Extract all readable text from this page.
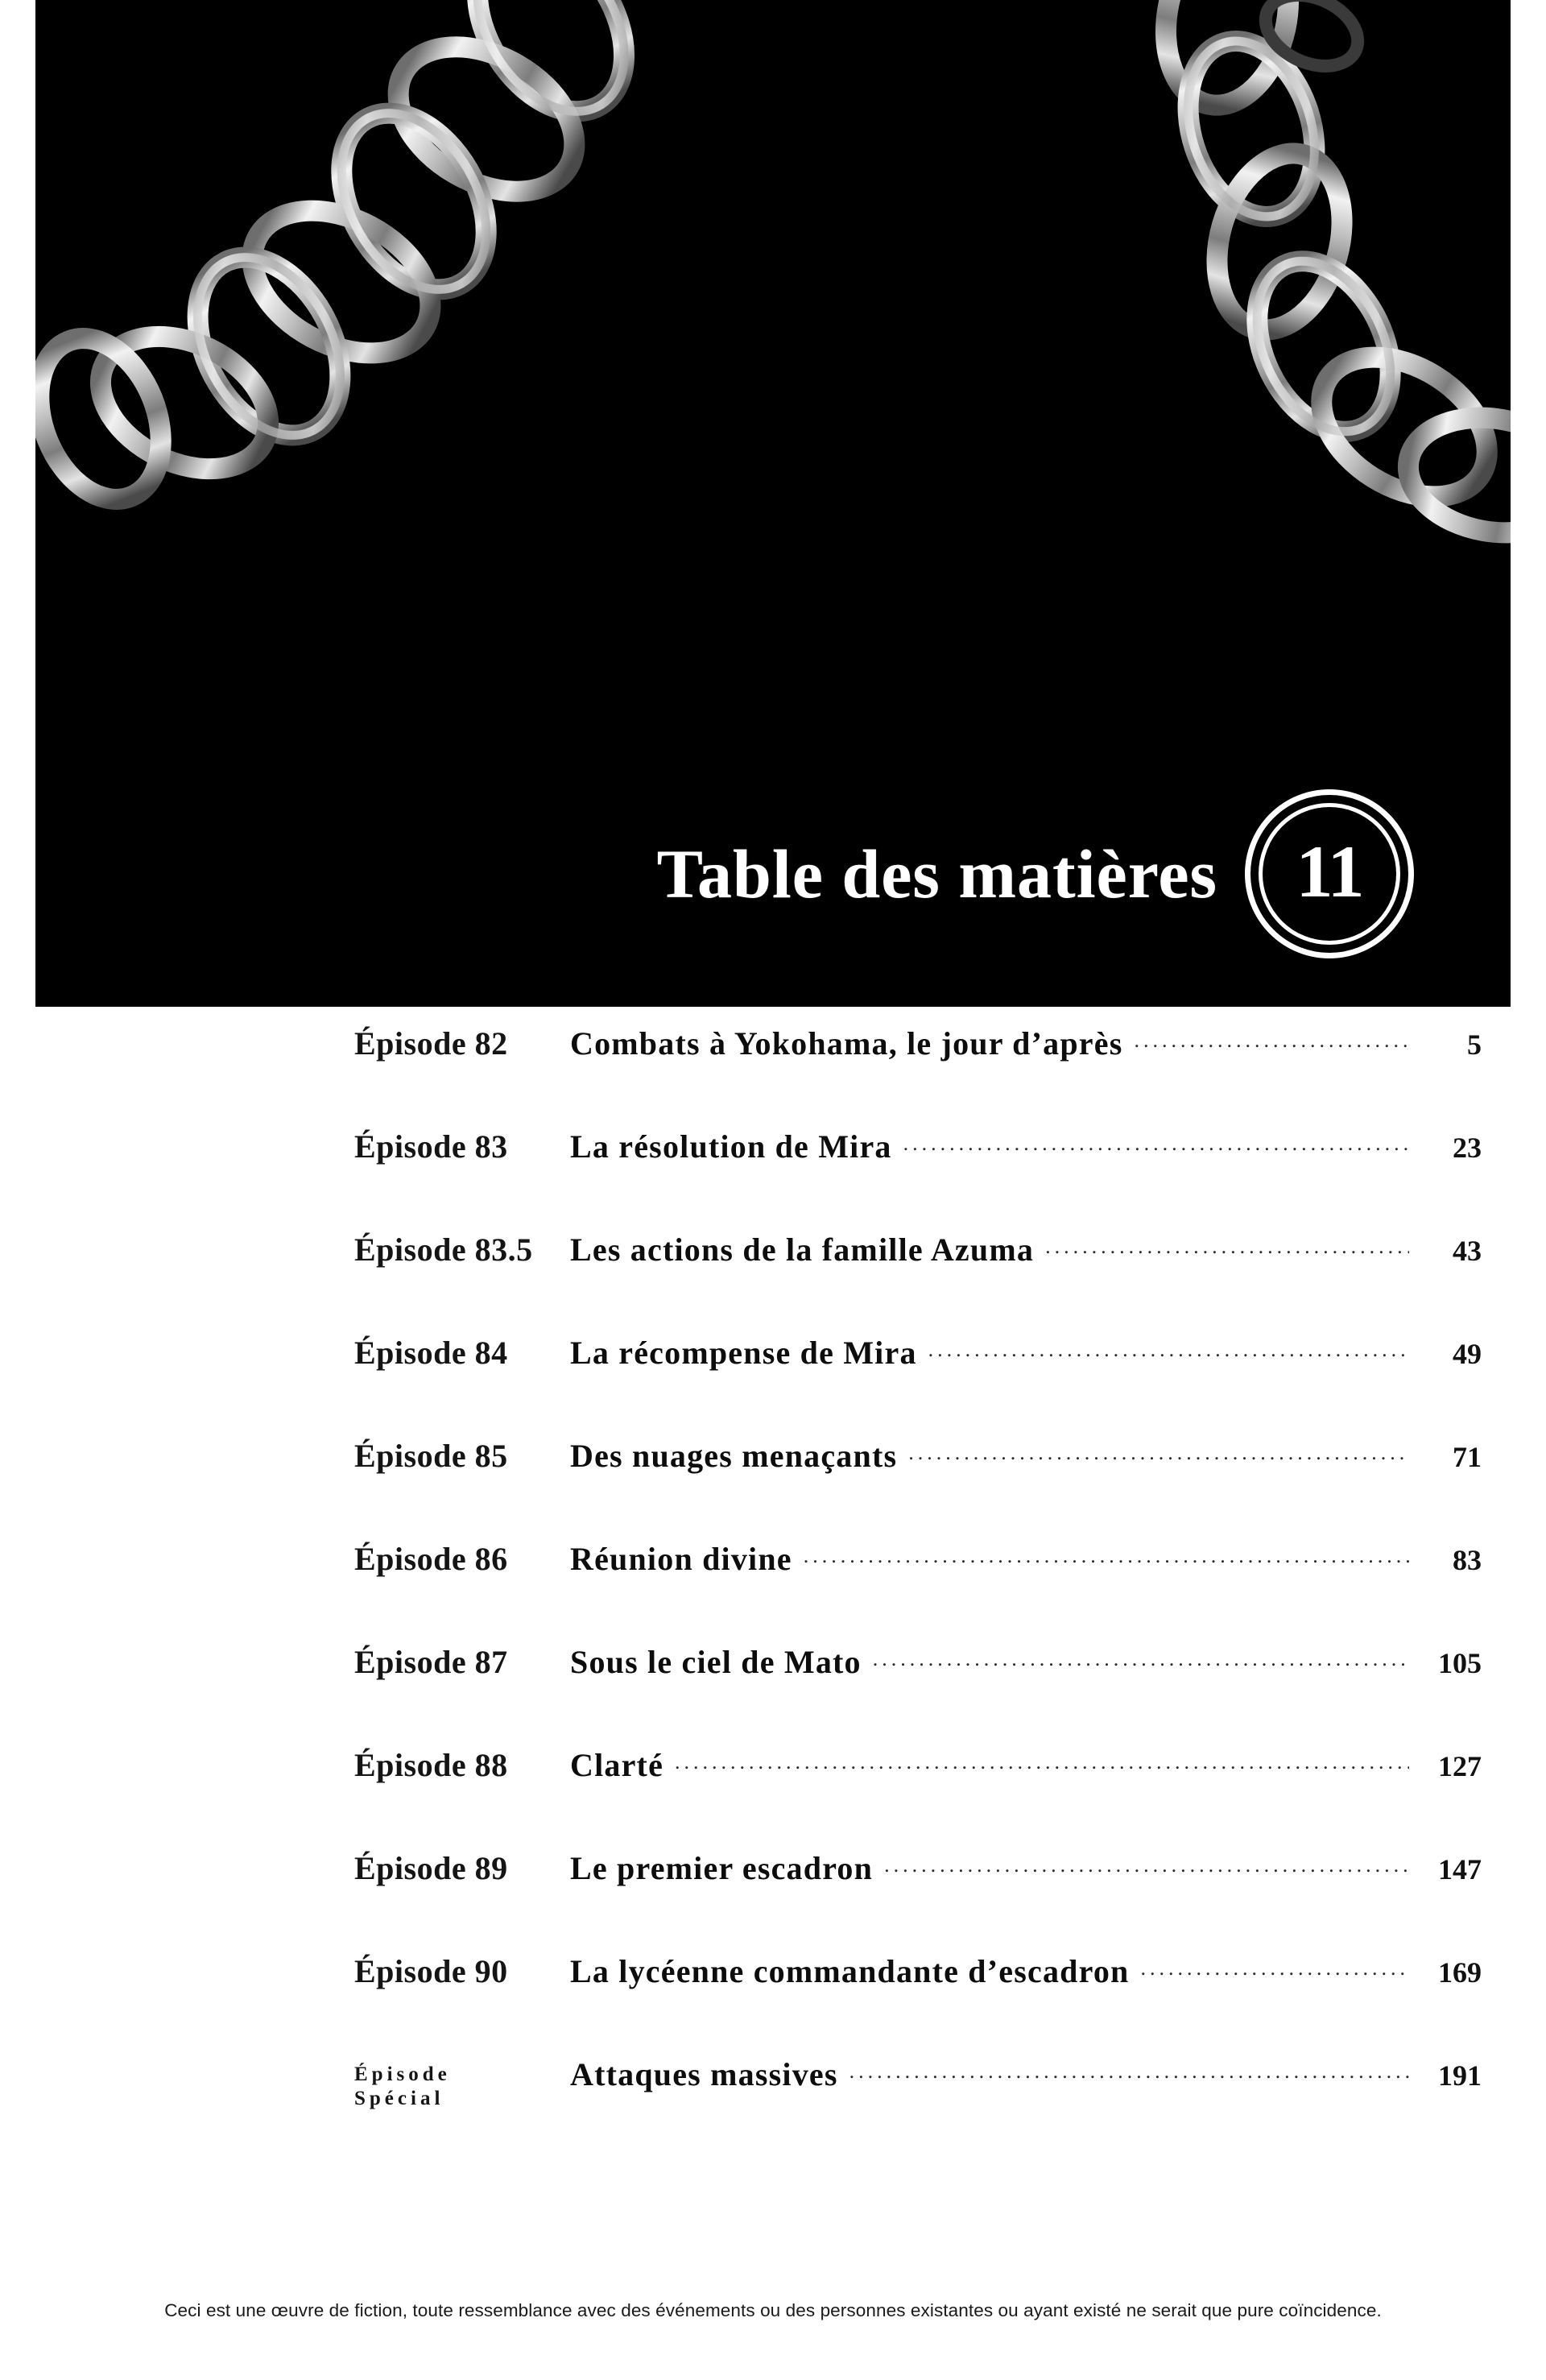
Table des matières 11
Épisode 82	Combats à Yokohama, le jour d’après .....	5
Épisode 83	La résolution de Mira .....	23
Épisode 83.5	Les actions de la famille Azuma .....	43
Épisode 84	La récompense de Mira .....	49
Épisode 85	Des nuages menaçants .....	71
Épisode 86	Réunion divine .....	83
Épisode 87	Sous le ciel de Mato .....	105
Épisode 88	Clarté .....	127
Épisode 89	Le premier escadron .....	147
Épisode 90	La lycéenne commandante d’escadron .....	169
Épisode
Spécial
Attaques massives .....	191
Ceci est une œuvre de fiction, toute ressemblance avec des événements ou des personnes existantes ou ayant existé ne serait que pure coïncidence.
